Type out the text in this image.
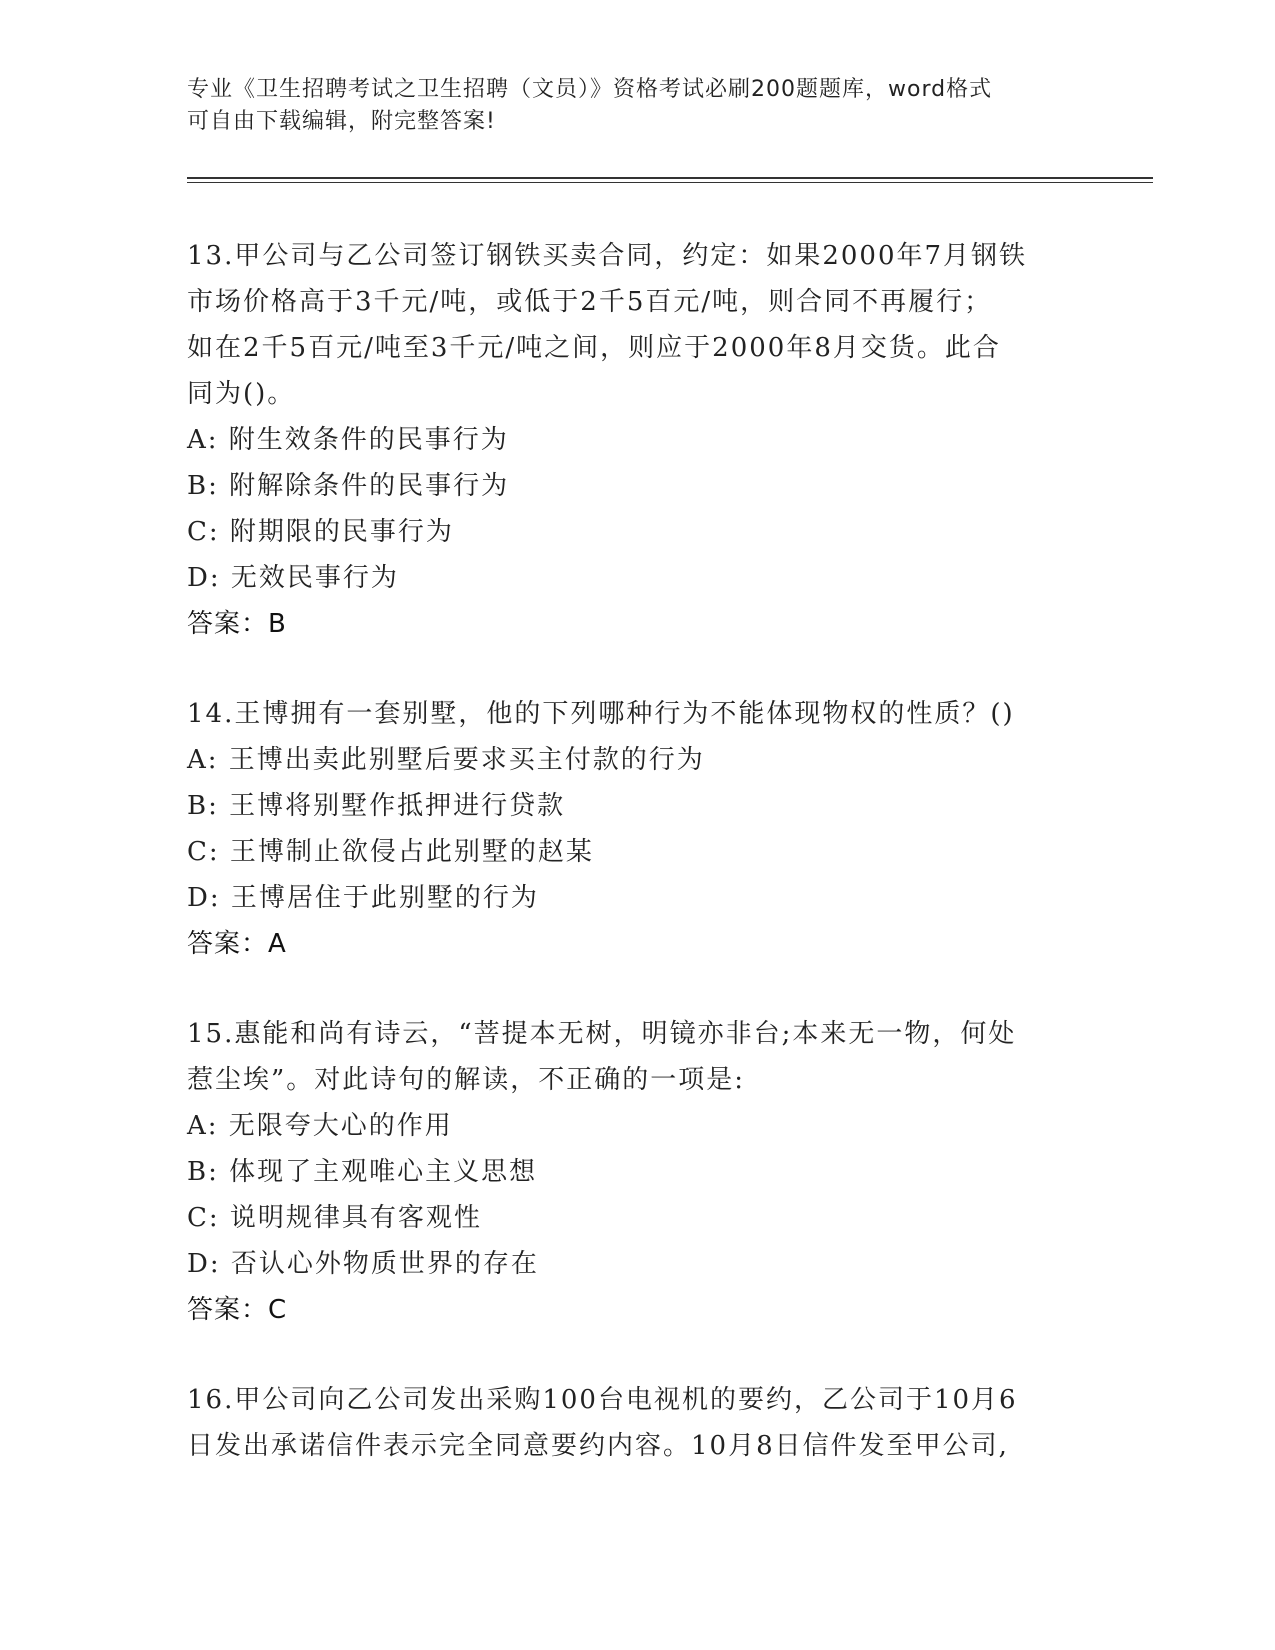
专业《卫生招聘考试之卫生招聘（文员）》资格考试必刷200题题库，word格式
可自由下载编辑，附完整答案!

13.甲公司与乙公司签订钢铁买卖合同，约定：如果2000年7月钢铁

市场价格高于3千元/吨，或低于2千5百元/吨，则合同不再履行；

如在2千5百元/吨至3千元/吨之间，则应于2000年8月交货。此合

同为()。

A: 附生效条件的民事行为

B: 附解除条件的民事行为

C: 附期限的民事行为

D: 无效民事行为

答案：B

14.王博拥有一套别墅，他的下列哪种行为不能体现物权的性质？()

A: 王博出卖此别墅后要求买主付款的行为

B: 王博将别墅作抵押进行贷款

C: 王博制止欲侵占此别墅的赵某

D: 王博居住于此别墅的行为

答案：A

15.惠能和尚有诗云，“菩提本无树，明镜亦非台;本来无一物，何处

惹尘埃”。对此诗句的解读，不正确的一项是:

A: 无限夸大心的作用

B: 体现了主观唯心主义思想

C: 说明规律具有客观性

D: 否认心外物质世界的存在

答案：C

16.甲公司向乙公司发出采购100台电视机的要约，乙公司于10月6

日发出承诺信件表示完全同意要约内容。10月8日信件发至甲公司,
